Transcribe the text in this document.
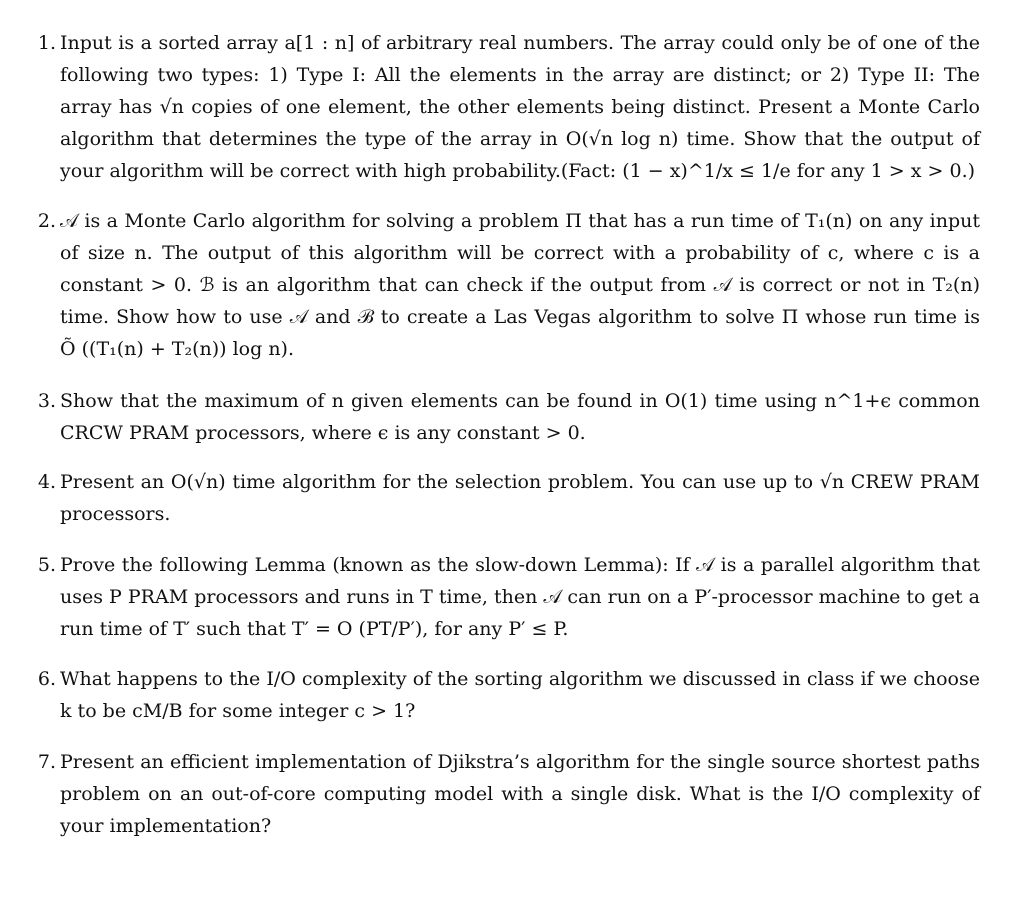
1. Input is a sorted array a[1 : n] of arbitrary real numbers. The array could only be of one of the
following two types: 1) Type I: All the elements in the array are distinct; or 2) Type II: The
array has √n copies of one element, the other elements being distinct. Present a Monte Carlo
algorithm that determines the type of the array in O(√n log n) time. Show that the output of
your algorithm will be correct with high probability.(Fact: (1 − x)^1/x ≤ 1/e for any 1 > x > 0.)
2. 𝒜 is a Monte Carlo algorithm for solving a problem Π that has a run time of T₁(n) on any input
of size n. The output of this algorithm will be correct with a probability of c, where c is a
constant > 0. ℬ is an algorithm that can check if the output from 𝒜 is correct or not in T₂(n)
time. Show how to use 𝒜 and ℬ to create a Las Vegas algorithm to solve Π whose run time is
Õ ((T₁(n) + T₂(n)) log n).
3. Show that the maximum of n given elements can be found in O(1) time using n^1+ϵ common
CRCW PRAM processors, where ϵ is any constant > 0.
4. Present an O(√n) time algorithm for the selection problem. You can use up to √n CREW PRAM
processors.
5. Prove the following Lemma (known as the slow-down Lemma): If 𝒜 is a parallel algorithm that
uses P PRAM processors and runs in T time, then 𝒜 can run on a P′-processor machine to get a
run time of T′ such that T′ = O (PT/P′), for any P′ ≤ P.
6. What happens to the I/O complexity of the sorting algorithm we discussed in class if we choose
k to be cM/B for some integer c > 1?
7. Present an efficient implementation of Djikstra’s algorithm for the single source shortest paths
problem on an out-of-core computing model with a single disk. What is the I/O complexity of
your implementation?
